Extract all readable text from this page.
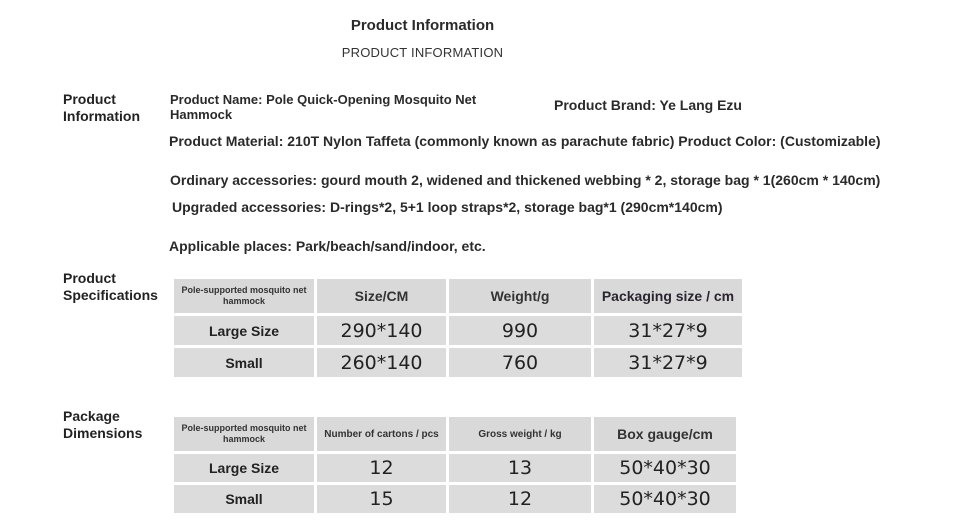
Product Information
PRODUCT INFORMATION
Product Information
Product Name: Pole Quick-Opening Mosquito Net Hammock
Product Brand: Ye Lang Ezu
Product Material: 210T Nylon Taffeta (commonly known as parachute fabric) Product Color: (Customizable)
Ordinary accessories: gourd mouth 2, widened and thickened webbing * 2, storage bag * 1(260cm * 140cm)
Upgraded accessories: D-rings*2, 5+1 loop straps*2, storage bag*1 (290cm*140cm)
Applicable places: Park/beach/sand/indoor, etc.
Product Specifications	Pole-supported mosquito net hammock	Size/CM	Weight/g	Packaging size / cm
Large Size	290*140	990	31*27*9
Small	260*140	760	31*27*9
Package Dimensions	Pole-supported mosquito net hammock	Number of cartons / pcs	Gross weight / kg	Box gauge/cm
Large Size	12	13	50*40*30
Small	15	12	50*40*30
